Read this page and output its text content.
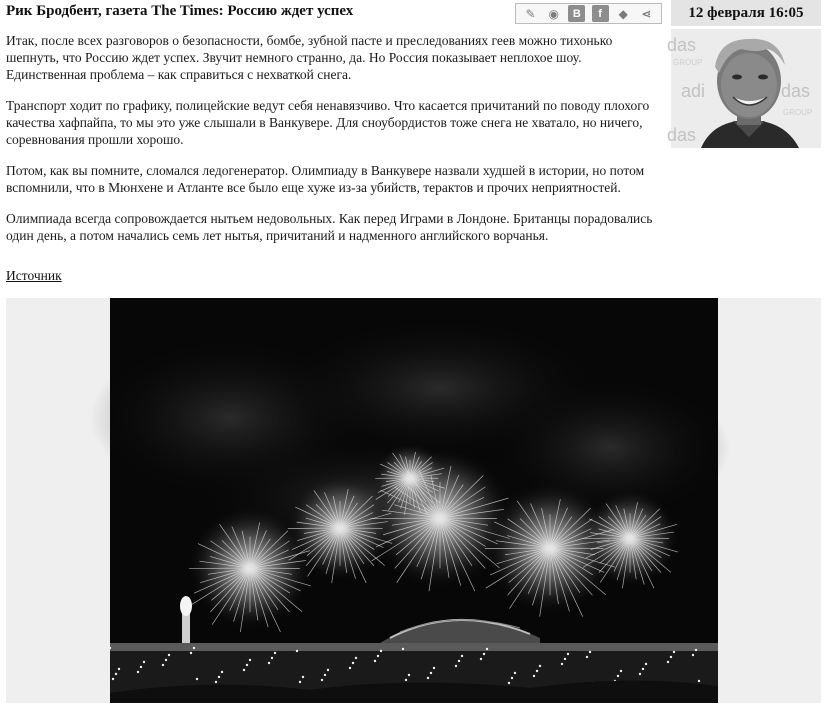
Рик Бродбент, газета The Times: Россию ждет успех	✎ ◉	B	f	◆	⋖	12 февраля 16:05
das
GROUP
adi	das
GROUP
das

Итак, после всех разговоров о безопасности, бомбе, зубной пасте и преследованиях геев можно тихонько шепнуть, что Россию ждет успех. Звучит немного странно, да. Но Россия показывает неплохое шоу. Единственная проблема – как справиться с нехваткой снега.

Транспорт ходит по графику, полицейские ведут себя ненавязчиво. Что касается причитаний по поводу плохого качества хафпайпа, то мы это уже слышали в Ванкувере. Для сноубордистов тоже снега не хватало, но ничего, соревнования прошли хорошо.

Потом, как вы помните, сломался ледогенератор. Олимпиаду в Ванкувере назвали худшей в истории, но потом вспомнили, что в Мюнхене и Атланте все было еще хуже из-за убийств, терактов и прочих неприятностей.

Олимпиада всегда сопровождается нытьем недовольных. Как перед Играми в Лондоне. Британцы порадовались один день, а потом начались семь лет нытья, причитаний и надменного английского ворчанья.

Источник
